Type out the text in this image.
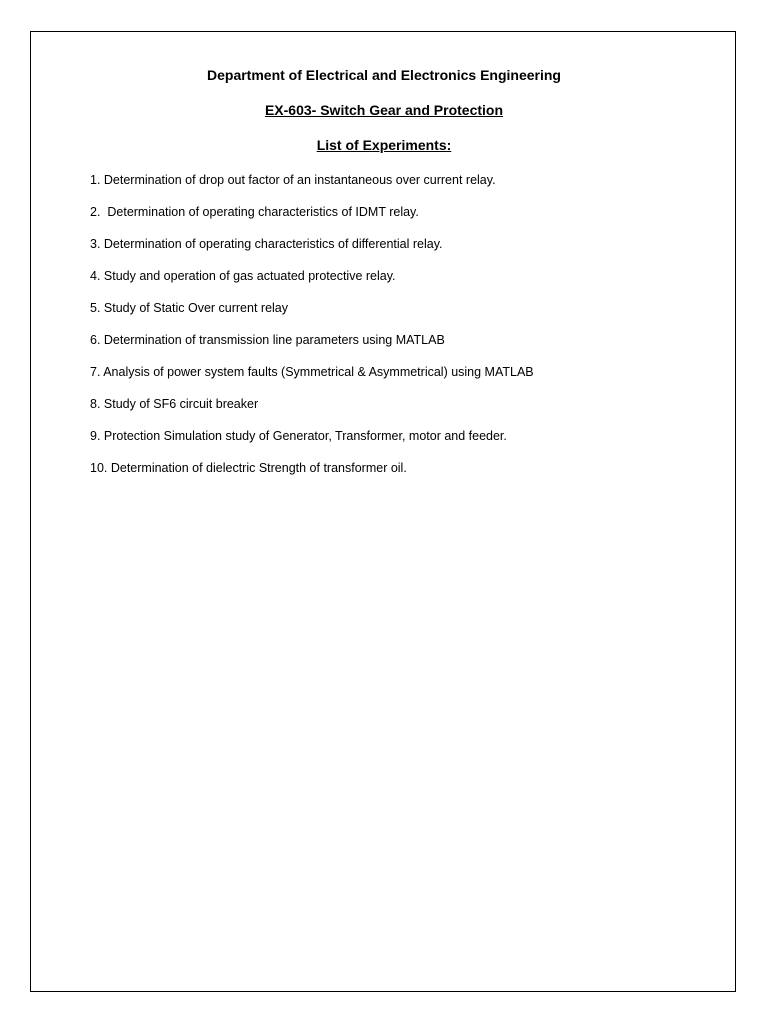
Department of Electrical and Electronics Engineering
EX-603- Switch Gear and Protection
List of Experiments:
1. Determination of drop out factor of an instantaneous over current relay.
2.  Determination of operating characteristics of IDMT relay.
3. Determination of operating characteristics of differential relay.
4. Study and operation of gas actuated protective relay.
5. Study of Static Over current relay
6. Determination of transmission line parameters using MATLAB
7. Analysis of power system faults (Symmetrical & Asymmetrical) using MATLAB
8. Study of SF6 circuit breaker
9. Protection Simulation study of Generator, Transformer, motor and feeder.
10. Determination of dielectric Strength of transformer oil.
